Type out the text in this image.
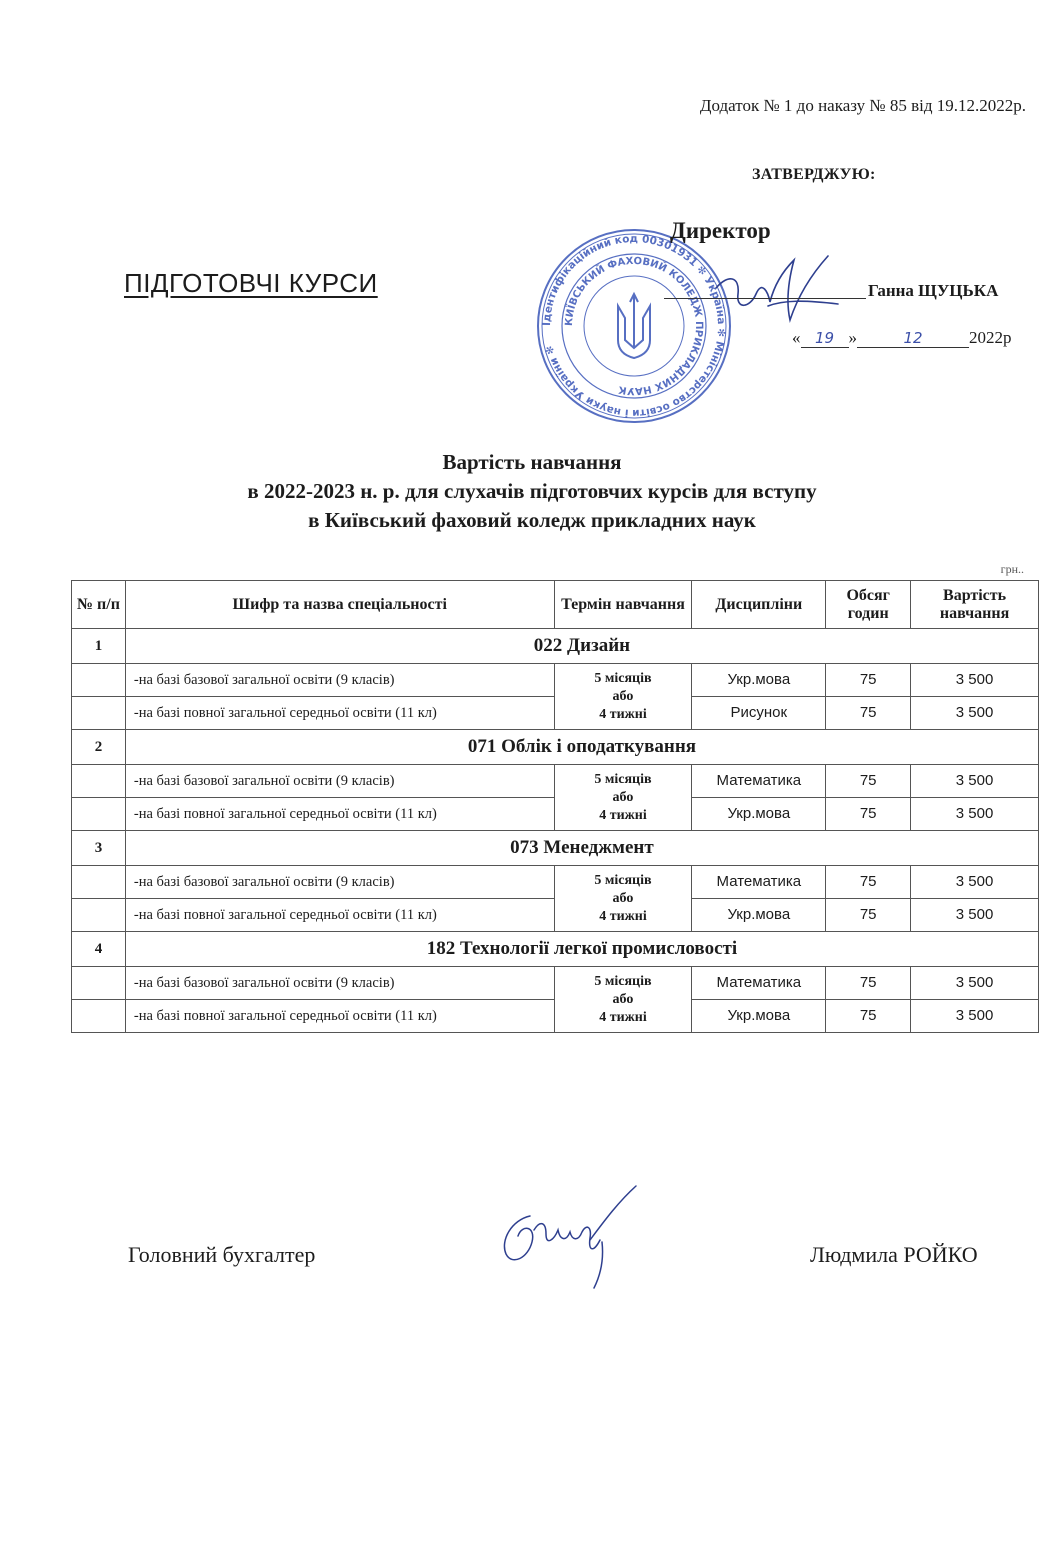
Додаток № 1 до наказу № 85 від 19.12.2022р.
ЗАТВЕРДЖУЮ:
Ідентифікаційний код 00301931 ✻ Україна ✻ Міністерство освіти і науки України ✻
КИЇВСЬКИЙ ФАХОВИЙ КОЛЕДЖ ПРИКЛАДНИХ НАУК
Директор
ПІДГОТОВЧІ КУРСИ	Ганна ЩУЦЬКА
« 19 »	12	2022р
Вартість навчання
в 2022-2023 н. р. для слухачів підготовчих курсів для вступу
в Київський фаховий коледж прикладних наук
грн..
№ п/п	Шифр та назва спеціальності	Термін навчання	Дисципліни	Обсяг годин	Вартість навчання
1	022 Дизайн				
	-на базі базової загальної освіти (9 класів)	5 місяців
або
4 тижні	Укр.мова	75	3 500
	-на базі повної загальної середньої освіти (11 кл)		Рисунок	75	3 500
2	071 Облік і оподаткування				
	-на базі базової загальної освіти (9 класів)	5 місяців
або
4 тижні	Математика	75	3 500
	-на базі повної загальної середньої освіти (11 кл)		Укр.мова	75	3 500
3	073 Менеджмент				
	-на базі базової загальної освіти (9 класів)	5 місяців
або
4 тижні	Математика	75	3 500
	-на базі повної загальної середньої освіти (11 кл)		Укр.мова	75	3 500
4	182 Технології легкої промисловості				
	-на базі базової загальної освіти (9 класів)	5 місяців
або
4 тижні	Математика	75	3 500
	-на базі повної загальної середньої освіти (11 кл)		Укр.мова	75	3 500
Головний бухгалтер	Людмила РОЙКО
